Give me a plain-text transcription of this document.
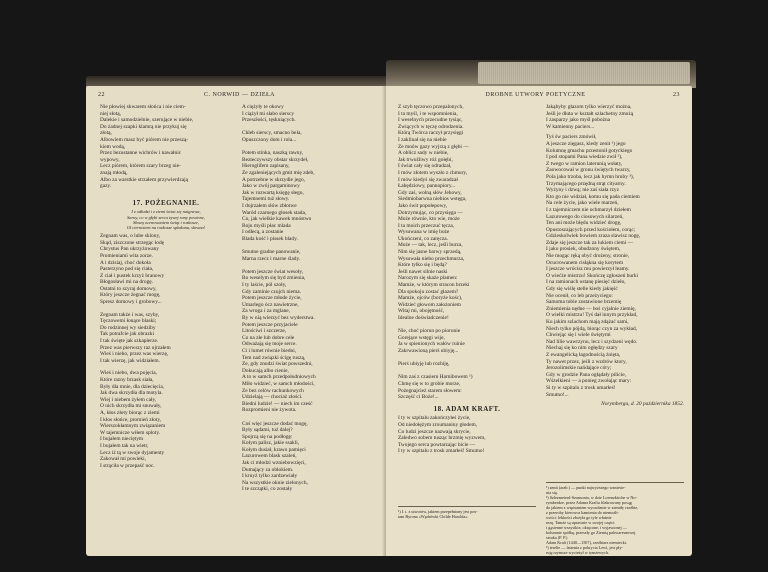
22	C. NORWID — DZIEŁA
Nie płowiej skwarem słońca i nie ciem-
niej słotą,
Dalekie i samodzielnie, szerujące w niebie,
Do żadnej szapki klamrą nie przykuj się
złotą,
Albowiem masz być piórem nie przeszą-
kiem wodą,
Przez bezustanne wichrów i nawałnic
wypowy,
Lecz piórem, którem szary brzeg nie-
znają młodą,
Albo za warstkie strzałem przywierdzają
gazy.
17. POŻEGNANIE.
I z odłudzi i z ziemi świat się naigrawa,
Sarny, co w głębi serca żywej rany powinne,
Sławą ocenowaniem świąt i rozkosze,
Gł ciernistem na rozkosze spłakana, sławna!
Żegnam was, o lube sklony,
Skąd, ziszczone strzegąc łodę
Chrystus Pan ukrzyżowany
Promieniami wita zorze.
A i dzisiaj, choć dokoła
Pasterzyno pod się ciała,
Z ciał i pustek krzyż branowy
Błogosławi mi na drogę.
Ostatni to szyraj domowy,
Który jeszcze żegnać mogę,
Spresz domowy i grobowy...
Żegnam także i was, szyby,
Tęczowemi łonące blaski;
Do rodzinnej wy siedziby
Tak potrafcie jak obrazki
I tak święte jak szkaplerze.
Przez was pierwszy raz ujrzałem
Wieś i niebo, przez was wierzę,
I tak wierzę, jak widziałem.
Wieś i niebo, dwa pojęcia,
Które razny brzask siała,
Były dla mnie, dla dziecięcia,
Jak dwa skrzydła dla motyla.
Wiej i niebem żyłem cały,
O nich skrzydła mi snuwały,
A, kłos złoty biorąc z ziemi
I kłos słońce, promień złoty,
Wierszokłamnym związaniem
W tajemnicze wiłem sploty.
I bujałem nieciętym
I bujałem tak na wietr,
Lecz iż tą w swoje dyjamenty
Zakował mi powieki,
I strąciła w przepaść noc.
A ciężyły te okowy
I ciążył mi słabo sierscy
Przeszłości, tęskniących.

Chleb sierscy, smacno bela,
Opuszczony dom i rola...

Potem stinka, naszką rawny,
Bezteczywszy obstar skrzydeł,
Hieroglifem zapisany,
Ze zgaleniejących gmit mię zdeb,
A potrzebne w skrzydle jego,
Jako w zwój pargaminowy
Jak w rozwartą księgę słego,
Tajemnemi tuż słowy.
I dojrzałem słów zbłotwe
Waród czarnego głosek stada,
Co, jak wielkie kawek mnóstwo
Boju myśli płac mlada
I odlecą, a zostanie
Blada kość i pissek blady.

Smutne gradne panowanie,
Marna rzecz i marne ślady.

Potem jeszcze świat wesoły,
Bo weselym się byd zmienia,
I ty laście, pól szoły,
Gdy zaminie czujch niema.
Potem jeszcze młode życie,
Umarlego ócz nawietrzne,
Za wroga i za mglane,
By w nią wierzyć bez wyderstwa.
Potem jeszcze przyjaciele
Litościwi i szczerze,
Co na złe lub dobre cele
Odważają się moje serce.
Ci i lumet równie biedni,
Tem nad związki ścigę ruszą,
Ze, gdy znudzi świat powszedni,
Dokucają albo cienie,
A to w samch przedpołudniowych
Miło widzieć, w samch młodości,
Że bez celów rachunkowych
Udzielają — chociaż złości.
Biedni ludzie! — niech im cześć
Rozpromieni nie żywota.

Coś więc jeszcze dodać mogę,
Były sądami, tuż dalej?
Spojrzą się na podłogę:
Kołym palisz, jakie ssakli,
Kołym dusiał, krawo pamięci
Lazurowem blask szaleń,
Jak ci młodzi wzniebowzięci,
Dumający za obłokiem.
I kruyż tylko zardzewiały
Na wszystkie oknie zielonych,
I te szczątki, co zostały
DROBNE UTWORY POETYCZNE	23
Z szyb tęczowo przepalonych,
I ta myśl, i te wspomnienia,
I weselnych przecudne tysiąc,
Żwiących w tęczę odrodzenia.
Którą Twórca raczył przysięgi
I zaklinał się na niebie
Że mnów gazy wyjrzą z głębi —
A oblicz sady w niebie,
Jak trwoźliwy róż gołębi,
I świat cały się odradzał,
I mów złotem wyszło z chmury,
I mów kiedyś się zwaradzał
Łabędziowy, pannopiory...
Gdy zaś, wolną słów Jehowy,
Siedmiobarwna niebios wstęga,
Jako świt popołepowy,
Dotrzymując, co przysięga —
Może równie, kto wie, może
I ta moich przeczuć tęcza,
Wysuwana w imię boże
Ukończeni, co zaręcza.
Może — tak, lecz, jeśli burza,
Nim się jasne barwy sprzedą,
Wysuwała niebo przechmurza,
Które tylko się i będą?
Jeśli nawet silnie naski
Narozym się skaże plamen:
Mamże, w którym stracon brzeki
Dla spokoju zostać głazem?
Mamże, ojców (boryże kośc),
Widzieć głowom założoniem
Witaj mi, obojętność,
Idealne doświadczenie!

Nie, choć piorun po piorunie
Gorejące wstęgi wije,
Ja w spienionych wałów ruinie
Zakrwawioną pierś ubiyję...

Pierś ubiyję lub rozbiję,

Nim zaś z czasiem Harnibowem ¹)
Chmę się w to grobie morze,
Pożegnajcież starem słowem:
Szczęść ci Boże!...
18. ADAM KRAFT.
I ty w szpitalu zakończyłeś życie,
Od niedołężym zroumaniny głodem,
Co ludzi jeszcze nazwają skrycie,
Zaledwo sobem tusząc brzmię wyzwem,
Twojego serca powtarzając bicie —
I ty w szpitalu z trosk zmarłeś! Smutno!
¹) I. i. z utworów, jakiem przepełniony jest pos-
tam Byrona »Wędrówki Childe Harolda«.
Jakąbyby głazom tylko wierzyć można,
Jeśli je dłuta w kształt szlachetny zmożą
I zasparzy jako myśl pobożna
W kamienny paciers...
Tyś św paciers zmówił,
A jeszcze zięgasz, kiedy zenit ¹) jego
Kolumnę gmachu przestonił gotyckiego
I pod stopami Pana wiedzie zwił ²),
Z twego w ramion laterunią wsłaty,
Zaowocował w gronu świętych twarzy,
Pola jako trzoba, lecz jak hymn hruby ³),
Trzymającego przędną strąt cityarny.
Wyżyny i dzwą; nie zaś siała rzyz
Kto go nie widział, komu się pada ciemiem
Na cele życie, jako wiele marzeń,
I z tajemniczem nie ochmarzył dziełem
Lazurowego do ciosowych silarzeń,
Ten ani może błędu widzieć drogę,
Opustoszających przed kościołem, corąc;
Gdzieskolwiek bowiem zraza slawisz nogę,
Zdaje się jeszcze tak za lukiem ciemi —
I jako prosiek, obudzony świętem,
Nie mogąc ręką obyć drożeny, stronie,
Ocucrowanem cisłąkna się korytem
I jeszcze wrócisz mu powierzył leamy.
O wiećże mistrzu! Skończę zgłoszeń burki
I na ramionach ostanę piesięć dzieło,
Gdy się wiślę stelle kiedy jakięść
Nie ocenił, co leb przeżyciego:
Samoma tobie zostawione brzemię
Zniemienia nędne — boś cyjalnie ziemię,
O wielki mistrzu! Tyś dał innym przykład,
Ku jakim szlachom mają zdążać sami,
Niech tylko pójdą, biorąc czyn za wykład,
Chwiejąc się i wiele świętymi
Nad lilie wawrzynu, lecz i szydzeni wędo.
Niechaj się ko nim ogłędzy szary
Z ewangelicką łagodnością żnięta,
Ty nawet przez, jeśli z wzdrów ktory,
Jerozolimskie nańdające córy;
Gdy w grodzie Pana ogłądały pilicie,
Wśzelkieni — a ponieg zwołając mary:
Si ty w szpitalu z trosk umarłeś!
Smutno!...
Norymberga, d. 20 października 1852.
¹) zenit (arab.) — punkt najwyższego wzniesie-
nia się.
²) Szlezmeierd-Szansonia, w dzie Lorenzkirche w No-
rymberdze, przez Adama Krafta filakrowany posąg
do jakiem z wspisaniem wyczołanie w ziemiły rzeźbie,
z przeroby kierowca kamienia do niemożli-
wości: lekkości złożyła go tyle właśnie
rezę. Tamże są uprawnie w swojej części
i gąsienne wszystkie, okręcone, i wyjawionej —
kolumnie spółkę, przeszły go Ziemią pokwaresnowej.
sztuka (P. P.)
Adam Kraft (1440—1507), rzeźbiarz niemiecki.
³) terelie — latarnia z pokrycia Lewi, jest pły-
ruję rzymsze wycieżył w tymżewych.
